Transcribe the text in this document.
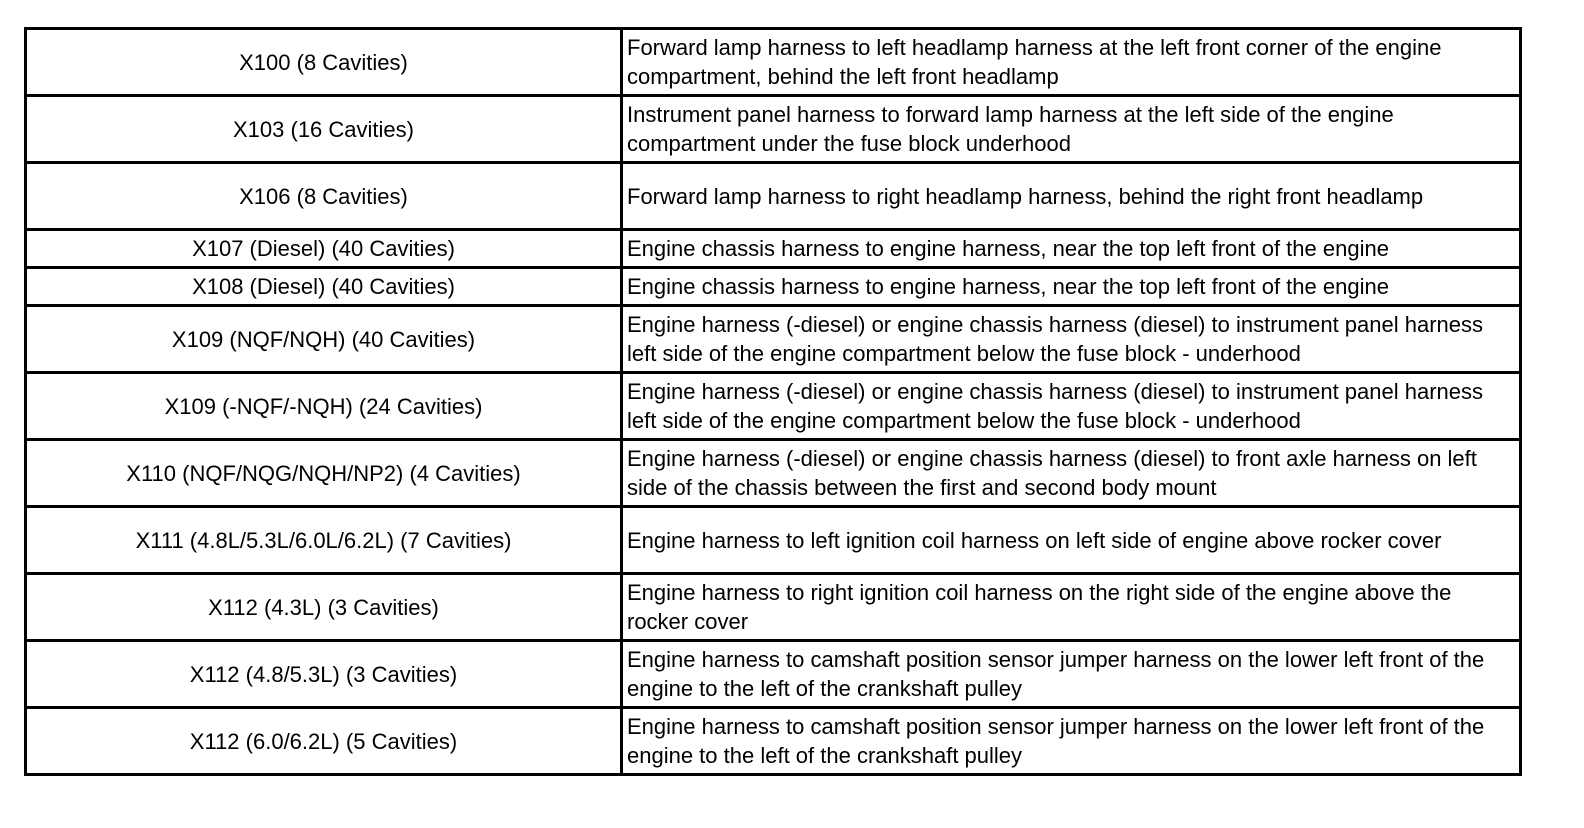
X100 (8 Cavities)	Forward lamp harness to left headlamp harness at the left front corner of the engine compartment, behind the left front headlamp
X103 (16 Cavities)	Instrument panel harness to forward lamp harness at the left side of the engine compartment under the fuse block underhood
X106 (8 Cavities)	Forward lamp harness to right headlamp harness, behind the right front headlamp
X107 (Diesel) (40 Cavities)	Engine chassis harness to engine harness, near the top left front of the engine
X108 (Diesel) (40 Cavities)	Engine chassis harness to engine harness, near the top left front of the engine
X109 (NQF/NQH) (40 Cavities)	Engine harness (-diesel) or engine chassis harness (diesel) to instrument panel harness left side of the engine compartment below the fuse block - underhood
X109 (-NQF/-NQH) (24 Cavities)	Engine harness (-diesel) or engine chassis harness (diesel) to instrument panel harness left side of the engine compartment below the fuse block - underhood
X110 (NQF/NQG/NQH/NP2) (4 Cavities)	Engine harness (-diesel) or engine chassis harness (diesel) to front axle harness on left side of the chassis between the first and second body mount
X111 (4.8L/5.3L/6.0L/6.2L) (7 Cavities)	Engine harness to left ignition coil harness on left side of engine above rocker cover
X112 (4.3L) (3 Cavities)	Engine harness to right ignition coil harness on the right side of the engine above the rocker cover
X112 (4.8/5.3L) (3 Cavities)	Engine harness to camshaft position sensor jumper harness on the lower left front of the engine to the left of the crankshaft pulley
X112 (6.0/6.2L) (5 Cavities)	Engine harness to camshaft position sensor jumper harness on the lower left front of the engine to the left of the crankshaft pulley
